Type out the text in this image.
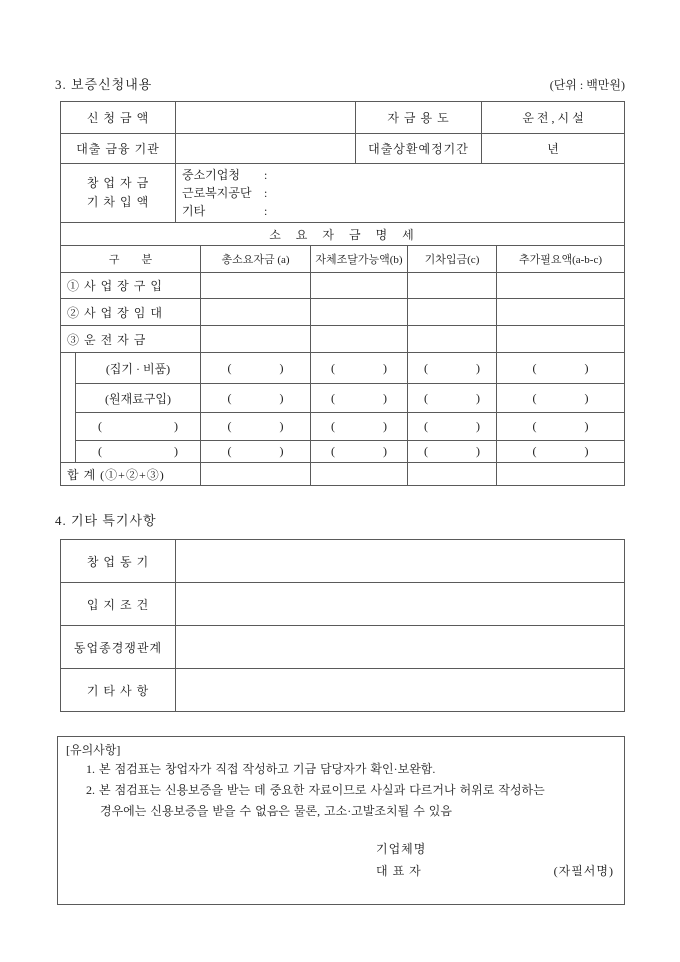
3. 보증신청내용	(단위 : 백만원)
신 청 금 액		자 금 용 도	운 전 , 시 설
대출 금융 기관		대출상환예정기간	년

창 업 자 금
기 차 입 액

중소기업청 :
근로복지공단 :
기타	:
소 요 자 금 명 세					
구  분		총소요자금 (a)	자체조달가능액(b)	기차입금(c)	추가필요액(a-b-c)
① 사 업 장 구 입					
② 사 업 장 임 대					
③ 운 전 자 금					
	(집기 · 비품)	(    )	(    )	(    )	(    )
	(원재료구입)	(    )	(    )	(    )	(    )
	(      )	(    )	(    )	(    )	(    )
	(      )	(    )	(    )	(    )	(    )
합 계 (①+②+③)					
4. 기타 특기사항
창 업 동 기	
입 지 조 건	
동업종경쟁관계	
기 타 사 항	
[유의사항]
1. 본 점검표는 창업자가 직접 작성하고 기금 담당자가 확인·보완함.
2. 본 점검표는 신용보증을 받는 데 중요한 자료이므로 사실과 다르거나 허위로 작성하는
경우에는 신용보증을 받을 수 없음은 물론, 고소·고발조치될 수 있음
기업체명
대 표 자	(자필서명)
